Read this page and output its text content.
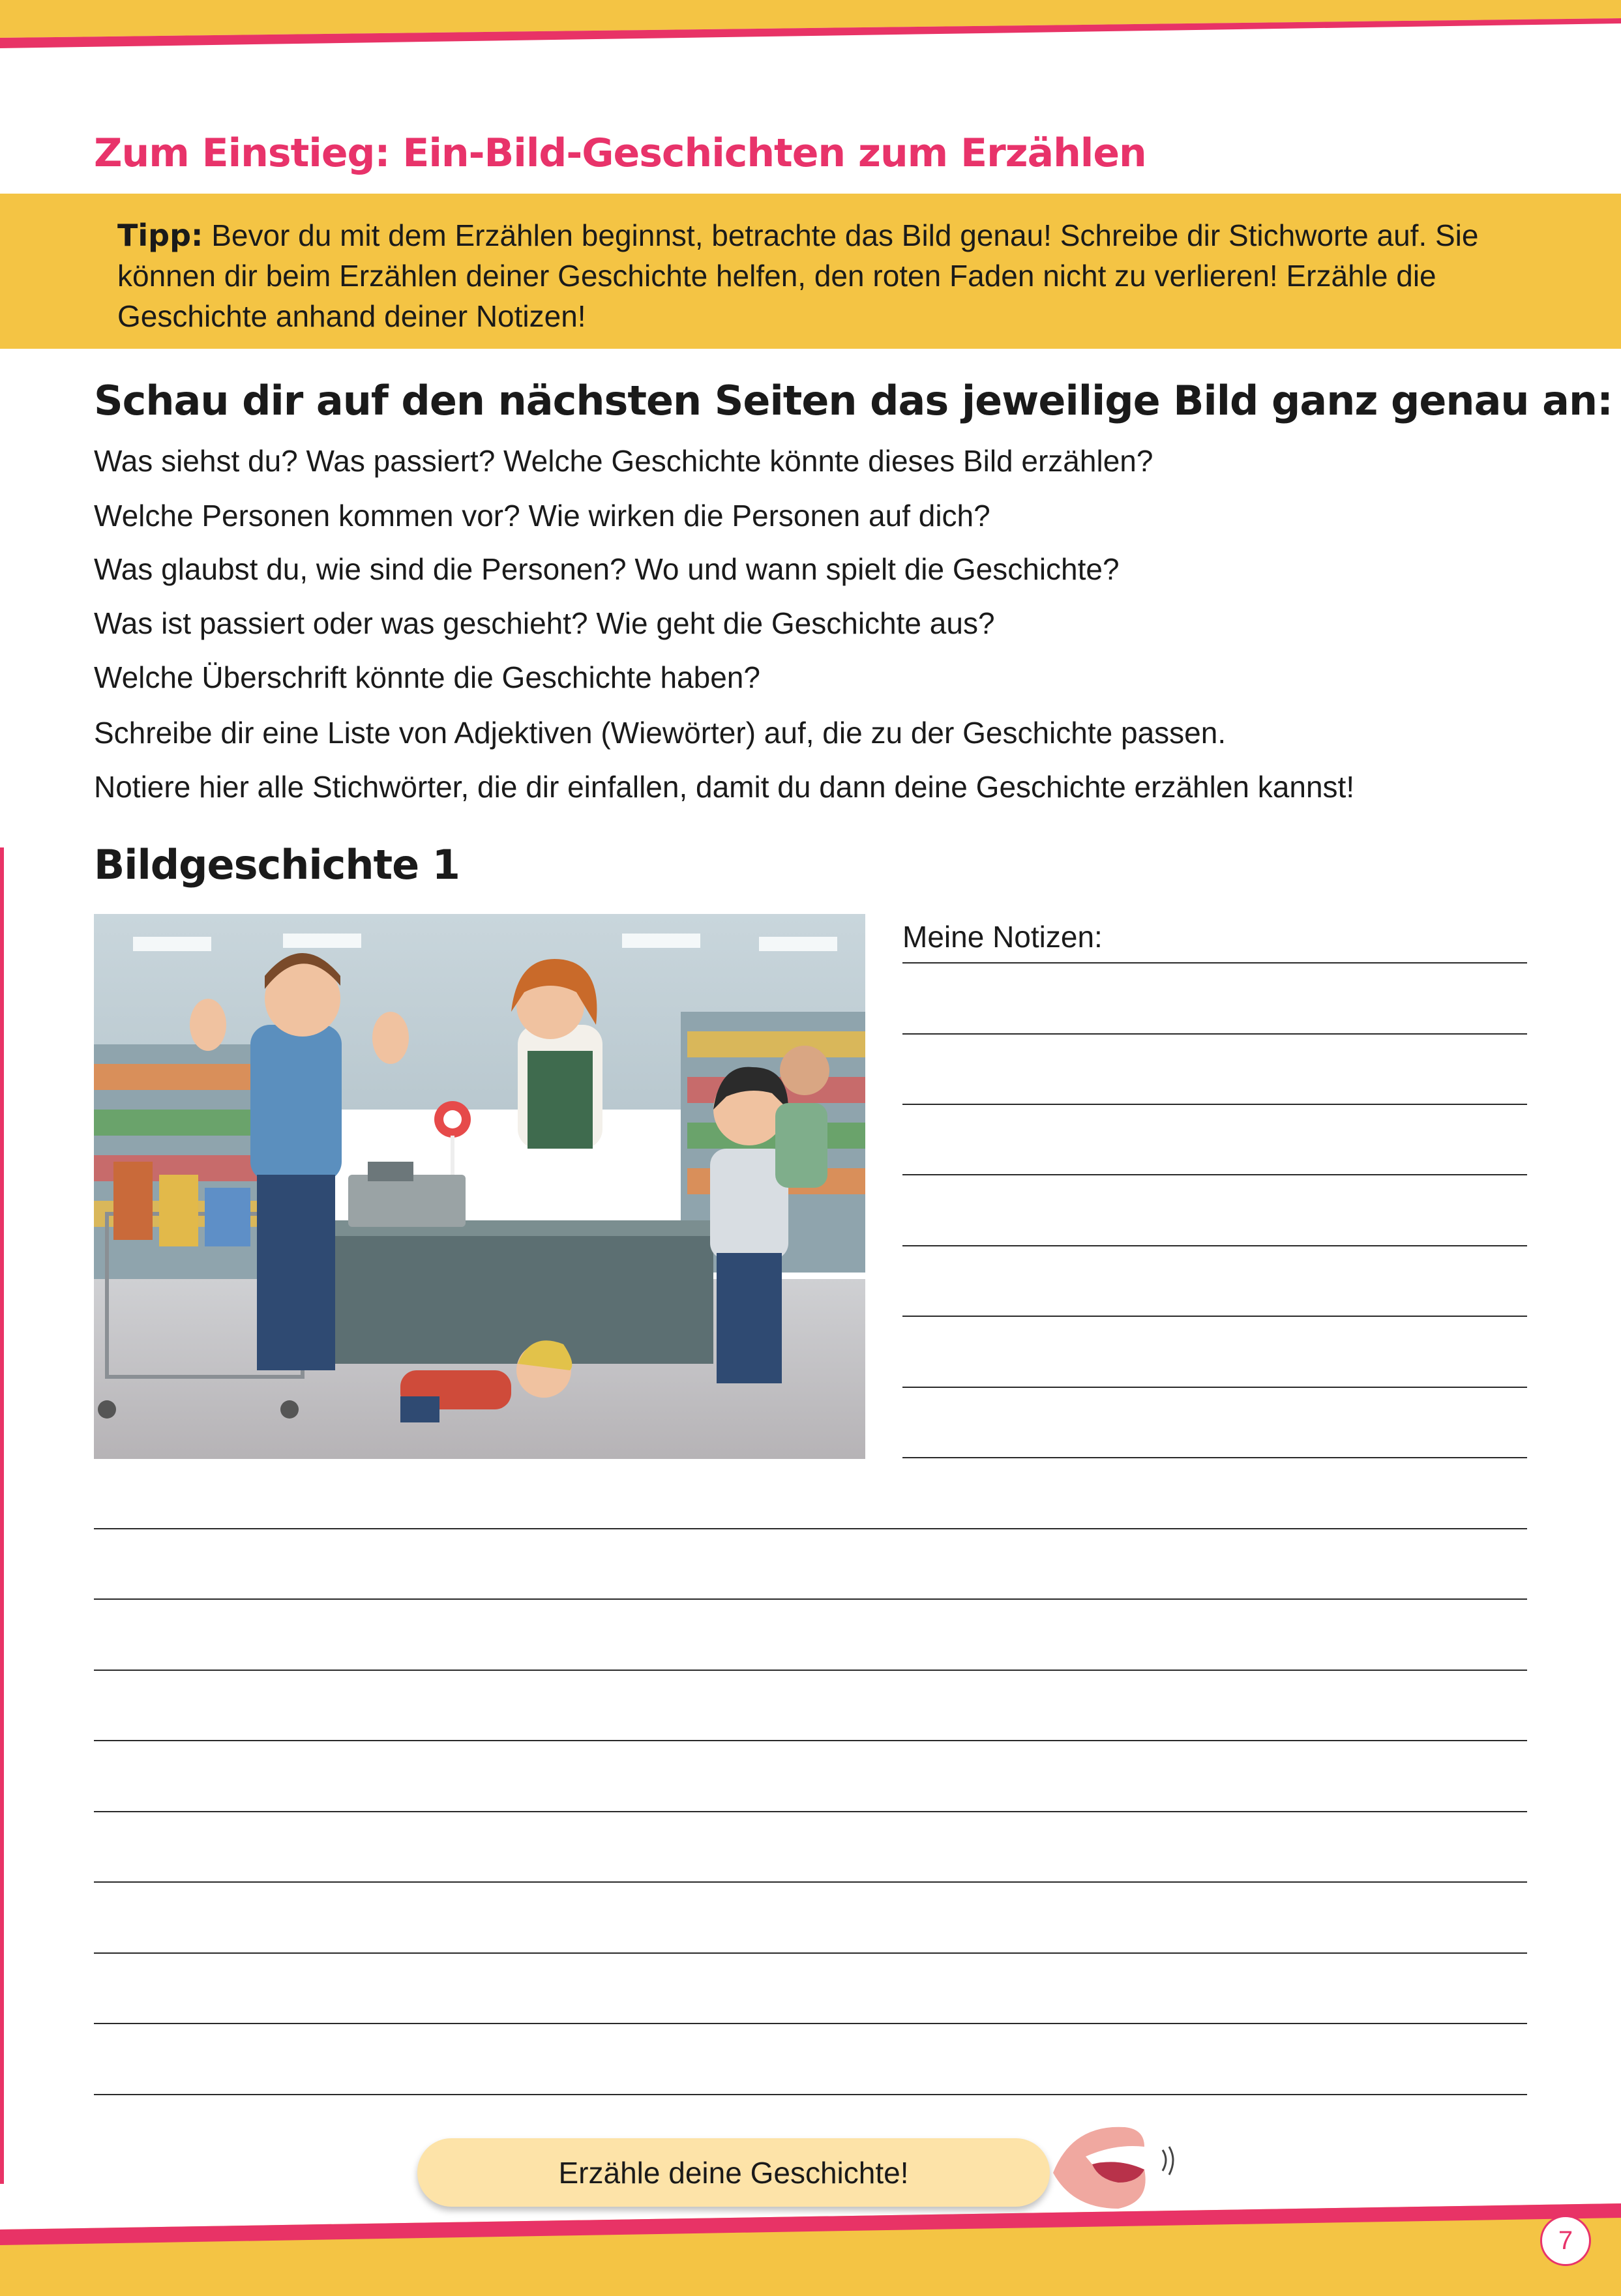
Zum Einstieg: Ein-Bild-Geschichten zum Erzählen
Tipp: Bevor du mit dem Erzählen beginnst, betrachte das Bild genau! Schreibe dir Stichworte auf. Sie können dir beim Erzählen deiner Geschichte helfen, den roten Faden nicht zu verlieren! Erzähle die Geschichte anhand deiner Notizen!
Schau dir auf den nächsten Seiten das jeweilige Bild ganz genau an:
Was siehst du? Was passiert? Welche Geschichte könnte dieses Bild erzählen?
Welche Personen kommen vor? Wie wirken die Personen auf dich?
Was glaubst du, wie sind die Personen? Wo und wann spielt die Geschichte?
Was ist passiert oder was geschieht? Wie geht die Geschichte aus?
Welche Überschrift könnte die Geschichte haben?
Schreibe dir eine Liste von Adjektiven (Wiewörter) auf, die zu der Geschichte passen.
Notiere hier alle Stichwörter, die dir einfallen, damit du dann deine Geschichte erzählen kannst!
Bildgeschichte 1
Meine Notizen:
Erzähle deine Geschichte!
7
